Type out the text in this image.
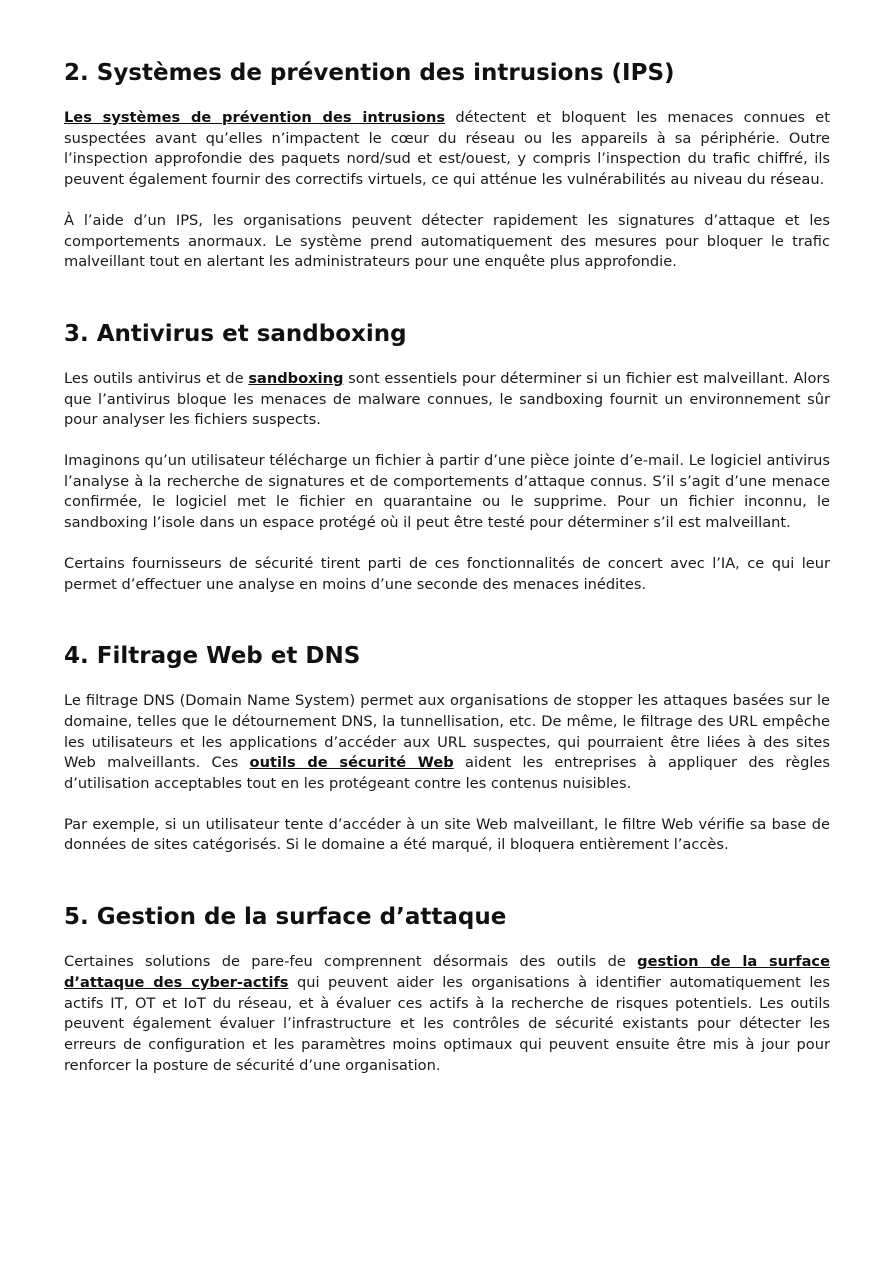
2. Systèmes de prévention des intrusions (IPS)

Les systèmes de prévention des intrusions détectent et bloquent les menaces connues et suspectées avant qu’elles n’impactent le cœur du réseau ou les appareils à sa périphérie. Outre l’inspection approfondie des paquets nord/sud et est/ouest, y compris l’inspection du trafic chiffré, ils peuvent également fournir des correctifs virtuels, ce qui atténue les vulnérabilités au niveau du réseau.

À l’aide d’un IPS, les organisations peuvent détecter rapidement les signatures d’attaque et les comportements anormaux. Le système prend automatiquement des mesures pour bloquer le trafic malveillant tout en alertant les administrateurs pour une enquête plus approfondie.

3. Antivirus et sandboxing

Les outils antivirus et de sandboxing sont essentiels pour déterminer si un fichier est malveillant. Alors que l’antivirus bloque les menaces de malware connues, le sandboxing fournit un environnement sûr pour analyser les fichiers suspects.

Imaginons qu’un utilisateur télécharge un fichier à partir d’une pièce jointe d’e-mail. Le logiciel antivirus l’analyse à la recherche de signatures et de comportements d’attaque connus. S’il s’agit d’une menace confirmée, le logiciel met le fichier en quarantaine ou le supprime. Pour un fichier inconnu, le sandboxing l’isole dans un espace protégé où il peut être testé pour déterminer s’il est malveillant.

Certains fournisseurs de sécurité tirent parti de ces fonctionnalités de concert avec l’IA, ce qui leur permet d’effectuer une analyse en moins d’une seconde des menaces inédites.

4. Filtrage Web et DNS

Le filtrage DNS (Domain Name System) permet aux organisations de stopper les attaques basées sur le domaine, telles que le détournement DNS, la tunnellisation, etc. De même, le filtrage des URL empêche les utilisateurs et les applications d’accéder aux URL suspectes, qui pourraient être liées à des sites Web malveillants. Ces outils de sécurité Web aident les entreprises à appliquer des règles d’utilisation acceptables tout en les protégeant contre les contenus nuisibles.

Par exemple, si un utilisateur tente d’accéder à un site Web malveillant, le filtre Web vérifie sa base de données de sites catégorisés. Si le domaine a été marqué, il bloquera entièrement l’accès.

5. Gestion de la surface d’attaque

Certaines solutions de pare-feu comprennent désormais des outils de gestion de la surface d’attaque des cyber-actifs qui peuvent aider les organisations à identifier automatiquement les actifs IT, OT et IoT du réseau, et à évaluer ces actifs à la recherche de risques potentiels. Les outils peuvent également évaluer l’infrastructure et les contrôles de sécurité existants pour détecter les erreurs de configuration et les paramètres moins optimaux qui peuvent ensuite être mis à jour pour renforcer la posture de sécurité d’une organisation.
